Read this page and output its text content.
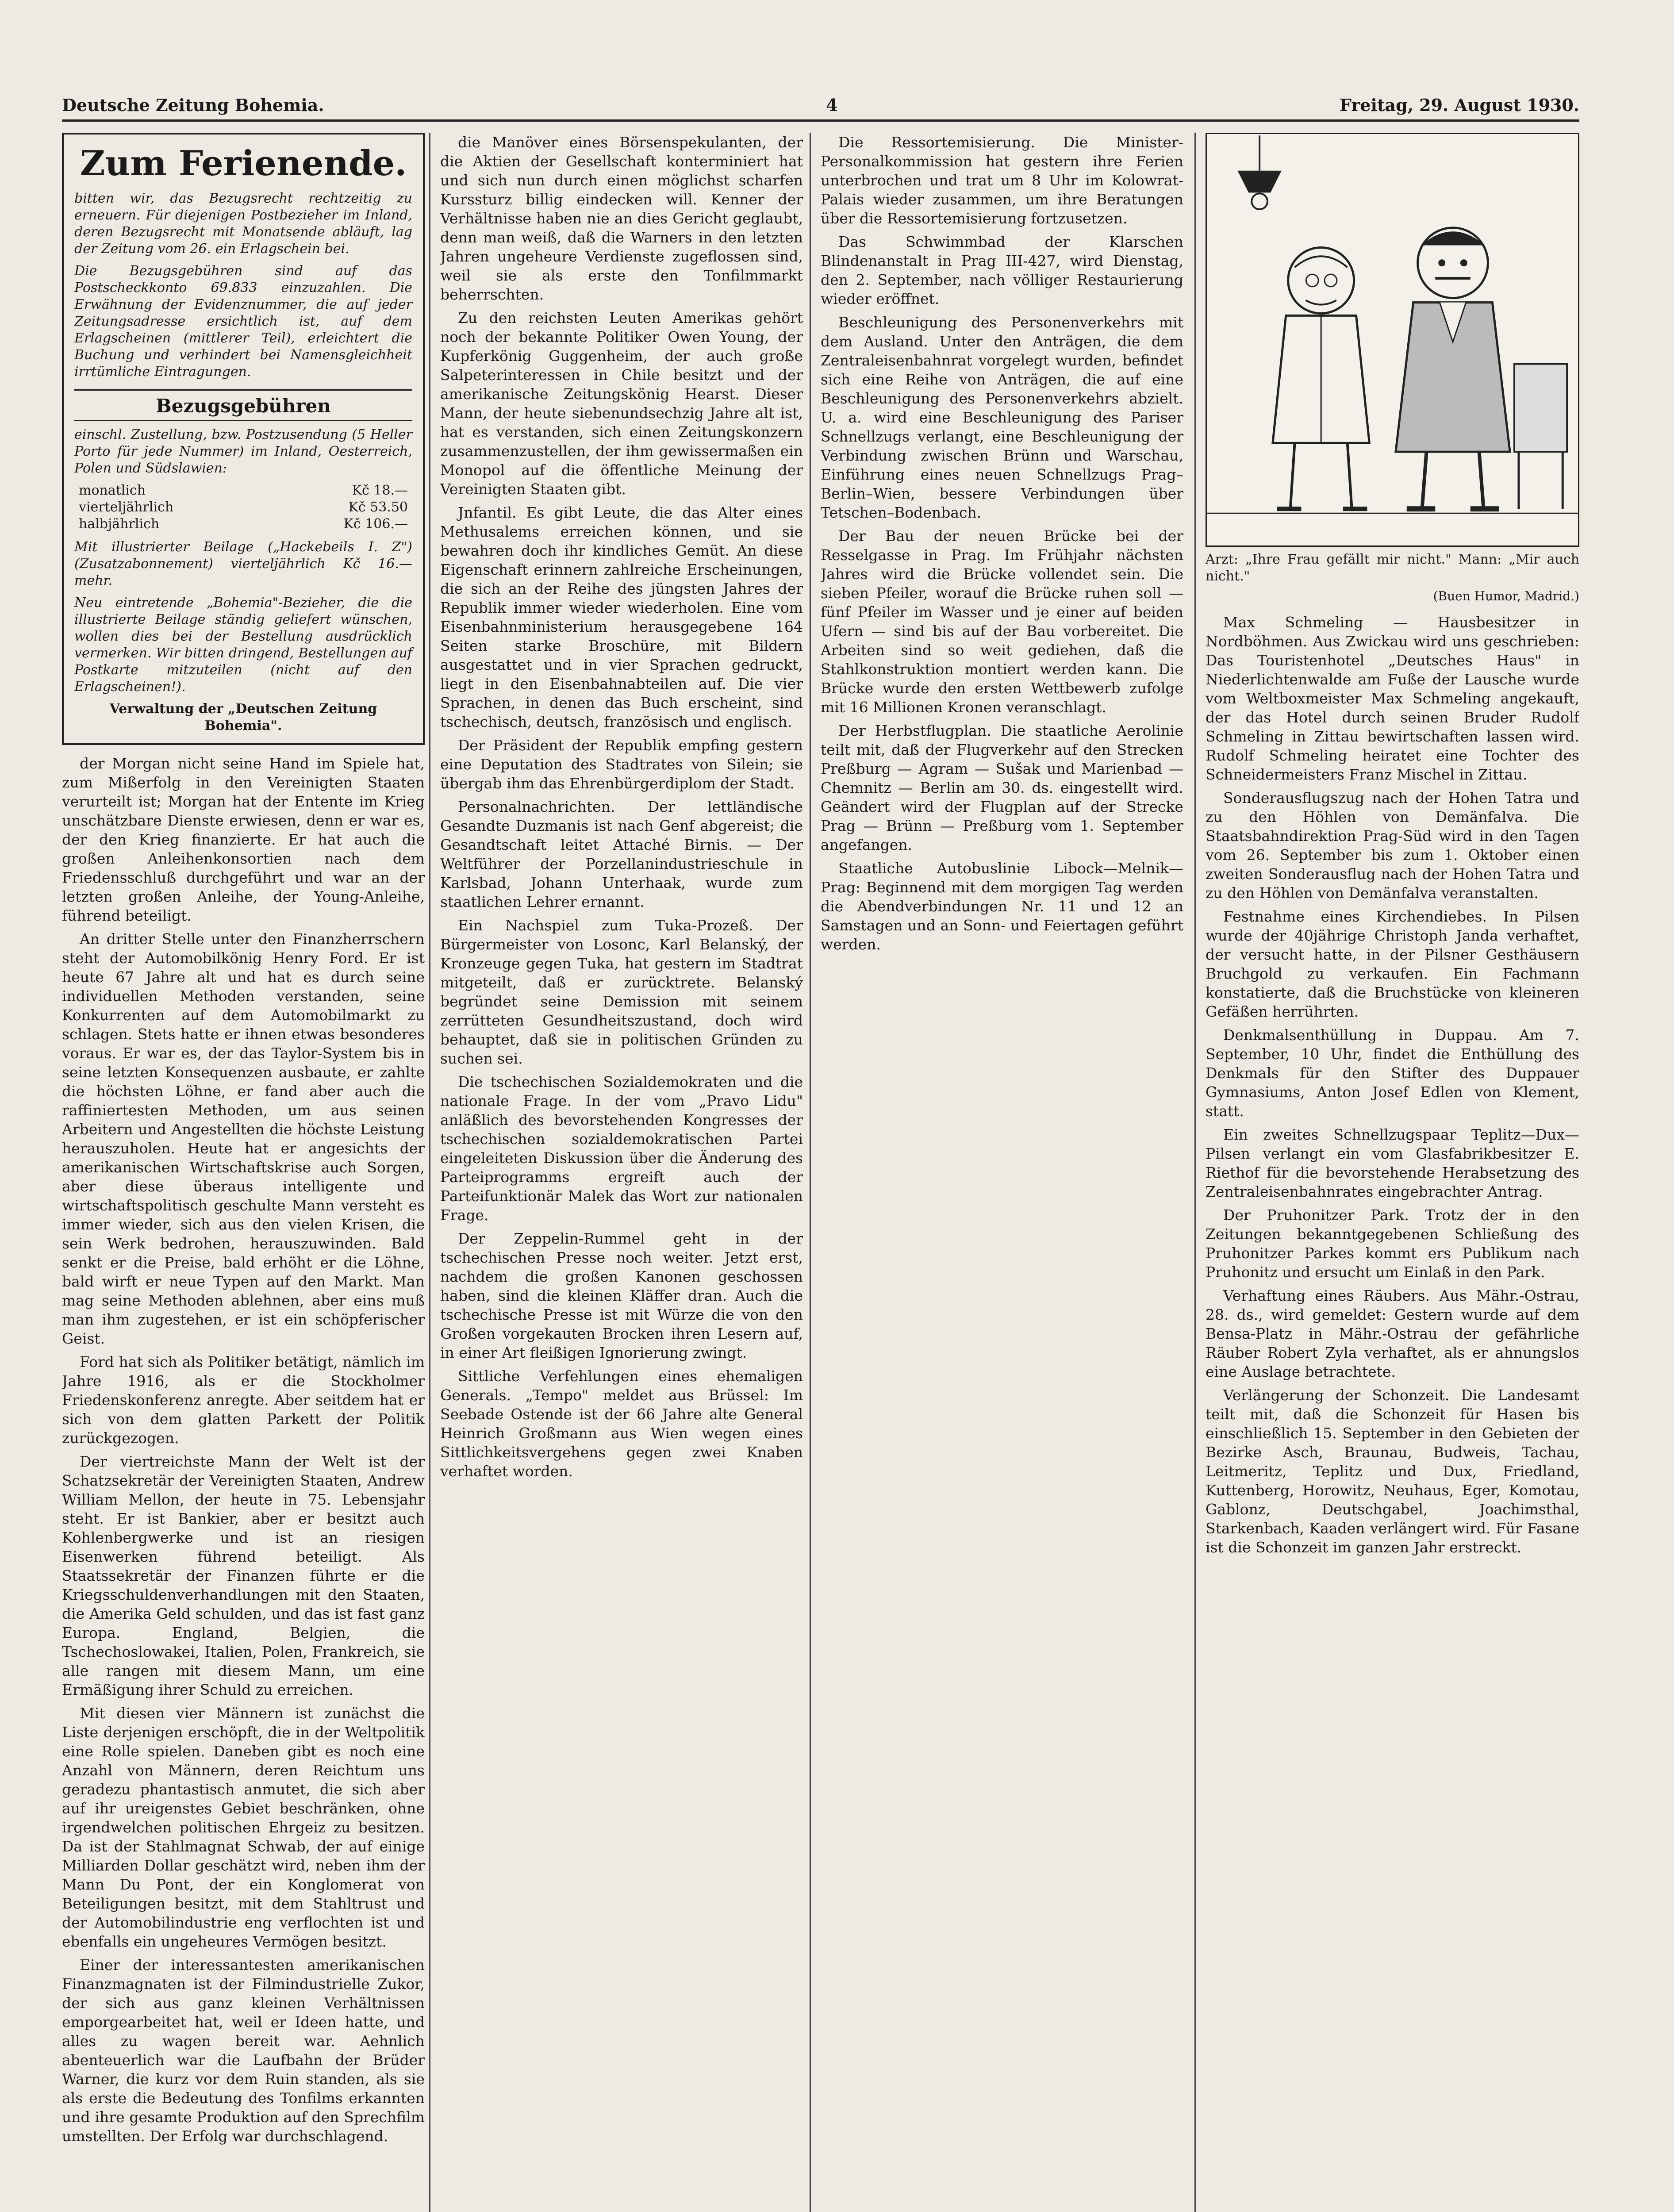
Deutsche Zeitung Bohemia.	4	Freitag, 29. August 1930.
Zum Ferienende.

bitten wir, das Bezugsrecht rechtzeitig zu erneuern. Für diejenigen Postbezieher im Inland, deren Bezugsrecht mit Monatsende abläuft, lag der Zeitung vom 26. ein Erlagschein bei.

Die Bezugsgebühren sind auf das Postscheckkonto 69.833 einzuzahlen. Die Erwähnung der Evidenznummer, die auf jeder Zeitungsadresse ersichtlich ist, auf dem Erlagscheinen (mittlerer Teil), erleichtert die Buchung und verhindert bei Namensgleichheit irrtümliche Eintragungen.

Bezugsgebühren

einschl. Zustellung, bzw. Postzusendung (5 Heller Porto für jede Nummer) im Inland, Oesterreich, Polen und Südslawien:

monatlich	Kč 18.—
vierteljährlich	Kč 53.50
halbjährlich	Kč 106.—

Mit illustrierter Beilage („Hackebeils I. Z") (Zusatzabonnement) vierteljährlich Kč 16.— mehr.

Neu eintretende „Bohemia"-Bezieher, die die illustrierte Beilage ständig geliefert wünschen, wollen dies bei der Bestellung ausdrücklich vermerken. Wir bitten dringend, Bestellungen auf Postkarte mitzuteilen (nicht auf den Erlagscheinen!).

Verwaltung der „Deutschen Zeitung Bohemia".

der Morgan nicht seine Hand im Spiele hat, zum Mißerfolg in den Vereinigten Staaten verurteilt ist; Morgan hat der Entente im Krieg unschätzbare Dienste erwiesen, denn er war es, der den Krieg finanzierte. Er hat auch die großen Anleihenkonsortien nach dem Friedensschluß durchgeführt und war an der letzten großen Anleihe, der Young-Anleihe, führend beteiligt.

An dritter Stelle unter den Finanzherrschern steht der Automobilkönig Henry Ford. Er ist heute 67 Jahre alt und hat es durch seine individuellen Methoden verstanden, seine Konkurrenten auf dem Automobilmarkt zu schlagen. Stets hatte er ihnen etwas besonderes voraus. Er war es, der das Taylor-System bis in seine letzten Konsequenzen ausbaute, er zahlte die höchsten Löhne, er fand aber auch die raffiniertesten Methoden, um aus seinen Arbeitern und Angestellten die höchste Leistung herauszuholen. Heute hat er angesichts der amerikanischen Wirtschaftskrise auch Sorgen, aber diese überaus intelligente und wirtschaftspolitisch geschulte Mann versteht es immer wieder, sich aus den vielen Krisen, die sein Werk bedrohen, herauszuwinden. Bald senkt er die Preise, bald erhöht er die Löhne, bald wirft er neue Typen auf den Markt. Man mag seine Methoden ablehnen, aber eins muß man ihm zugestehen, er ist ein schöpferischer Geist.

Ford hat sich als Politiker betätigt, nämlich im Jahre 1916, als er die Stockholmer Friedenskonferenz anregte. Aber seitdem hat er sich von dem glatten Parkett der Politik zurückgezogen.

Der viertreichste Mann der Welt ist der Schatzsekretär der Vereinigten Staaten, Andrew William Mellon, der heute in 75. Lebensjahr steht. Er ist Bankier, aber er besitzt auch Kohlenbergwerke und ist an riesigen Eisenwerken führend beteiligt. Als Staatssekretär der Finanzen führte er die Kriegsschuldenverhandlungen mit den Staaten, die Amerika Geld schulden, und das ist fast ganz Europa. England, Belgien, die Tschechoslowakei, Italien, Polen, Frankreich, sie alle rangen mit diesem Mann, um eine Ermäßigung ihrer Schuld zu erreichen.

Mit diesen vier Männern ist zunächst die Liste derjenigen erschöpft, die in der Weltpolitik eine Rolle spielen. Daneben gibt es noch eine Anzahl von Männern, deren Reichtum uns geradezu phantastisch anmutet, die sich aber auf ihr ureigenstes Gebiet beschränken, ohne irgendwelchen politischen Ehrgeiz zu besitzen. Da ist der Stahlmagnat Schwab, der auf einige Milliarden Dollar geschätzt wird, neben ihm der Mann Du Pont, der ein Konglomerat von Beteiligungen besitzt, mit dem Stahltrust und der Automobilindustrie eng verflochten ist und ebenfalls ein ungeheures Vermögen besitzt.

Einer der interessantesten amerikanischen Finanzmagnaten ist der Filmindustrielle Zukor, der sich aus ganz kleinen Verhältnissen emporgearbeitet hat, weil er Ideen hatte, und alles zu wagen bereit war. Aehnlich abenteuerlich war die Laufbahn der Brüder Warner, die kurz vor dem Ruin standen, als sie als erste die Bedeutung des Tonfilms erkannten und ihre gesamte Produktion auf den Sprechfilm umstellten. Der Erfolg war durchschlagend.

die Manöver eines Börsenspekulanten, der die Aktien der Gesellschaft konterminiert hat und sich nun durch einen möglichst scharfen Kurssturz billig eindecken will. Kenner der Verhältnisse haben nie an dies Gericht geglaubt, denn man weiß, daß die Warners in den letzten Jahren ungeheure Verdienste zugeflossen sind, weil sie als erste den Tonfilmmarkt beherrschten.

Zu den reichsten Leuten Amerikas gehört noch der bekannte Politiker Owen Young, der Kupferkönig Guggenheim, der auch große Salpeterinteressen in Chile besitzt und der amerikanische Zeitungskönig Hearst. Dieser Mann, der heute siebenundsechzig Jahre alt ist, hat es verstanden, sich einen Zeitungskonzern zusammenzustellen, der ihm gewissermaßen ein Monopol auf die öffentliche Meinung der Vereinigten Staaten gibt.

Jnfantil. Es gibt Leute, die das Alter eines Methusalems erreichen können, und sie bewahren doch ihr kindliches Gemüt. An diese Eigenschaft erinnern zahlreiche Erscheinungen, die sich an der Reihe des jüngsten Jahres der Republik immer wieder wiederholen. Eine vom Eisenbahnministerium herausgegebene 164 Seiten starke Broschüre, mit Bildern ausgestattet und in vier Sprachen gedruckt, liegt in den Eisenbahnabteilen auf. Die vier Sprachen, in denen das Buch erscheint, sind tschechisch, deutsch, französisch und englisch.

Der Präsident der Republik empfing gestern eine Deputation des Stadtrates von Silein; sie übergab ihm das Ehrenbürgerdiplom der Stadt.

Personalnachrichten. Der lettländische Gesandte Duzmanis ist nach Genf abgereist; die Gesandtschaft leitet Attaché Birnis. — Der Weltführer der Porzellanindustrieschule in Karlsbad, Johann Unterhaak, wurde zum staatlichen Lehrer ernannt.

Ein Nachspiel zum Tuka-Prozeß. Der Bürgermeister von Losonc, Karl Belanský, der Kronzeuge gegen Tuka, hat gestern im Stadtrat mitgeteilt, daß er zurücktrete. Belanský begründet seine Demission mit seinem zerrütteten Gesundheitszustand, doch wird behauptet, daß sie in politischen Gründen zu suchen sei.

Die tschechischen Sozialdemokraten und die nationale Frage. In der vom „Pravo Lidu" anläßlich des bevorstehenden Kongresses der tschechischen sozialdemokratischen Partei eingeleiteten Diskussion über die Änderung des Parteiprogramms ergreift auch der Parteifunktionär Malek das Wort zur nationalen Frage.

Der Zeppelin-Rummel geht in der tschechischen Presse noch weiter. Jetzt erst, nachdem die großen Kanonen geschossen haben, sind die kleinen Kläffer dran. Auch die tschechische Presse ist mit Würze die von den Großen vorgekauten Brocken ihren Lesern auf, in einer Art fleißigen Ignorierung zwingt.

Sittliche Verfehlungen eines ehemaligen Generals. „Tempo" meldet aus Brüssel: Im Seebade Ostende ist der 66 Jahre alte General Heinrich Großmann aus Wien wegen eines Sittlichkeitsvergehens gegen zwei Knaben verhaftet worden.

Die Ressortemisierung. Die Minister-Personalkommission hat gestern ihre Ferien unterbrochen und trat um 8 Uhr im Kolowrat-Palais wieder zusammen, um ihre Beratungen über die Ressortemisierung fortzusetzen.

Das Schwimmbad der Klarschen Blindenanstalt in Prag III-427, wird Dienstag, den 2. September, nach völliger Restaurierung wieder eröffnet.

Beschleunigung des Personenverkehrs mit dem Ausland. Unter den Anträgen, die dem Zentraleisenbahnrat vorgelegt wurden, befindet sich eine Reihe von Anträgen, die auf eine Beschleunigung des Personenverkehrs abzielt. U. a. wird eine Beschleunigung des Pariser Schnellzugs verlangt, eine Beschleunigung der Verbindung zwischen Brünn und Warschau, Einführung eines neuen Schnellzugs Prag–Berlin–Wien, bessere Verbindungen über Tetschen–Bodenbach.

Der Bau der neuen Brücke bei der Resselgasse in Prag. Im Frühjahr nächsten Jahres wird die Brücke vollendet sein. Die sieben Pfeiler, worauf die Brücke ruhen soll — fünf Pfeiler im Wasser und je einer auf beiden Ufern — sind bis auf der Bau vorbereitet. Die Arbeiten sind so weit gediehen, daß die Stahlkonstruktion montiert werden kann. Die Brücke wurde den ersten Wettbewerb zufolge mit 16 Millionen Kronen veranschlagt.

Der Herbstflugplan. Die staatliche Aerolinie teilt mit, daß der Flugverkehr auf den Strecken Preßburg — Agram — Sušak und Marienbad — Chemnitz — Berlin am 30. ds. eingestellt wird. Geändert wird der Flugplan auf der Strecke Prag — Brünn — Preßburg vom 1. September angefangen.

Staatliche Autobuslinie Libock—Melnik—Prag: Beginnend mit dem morgigen Tag werden die Abendverbindungen Nr. 11 und 12 an Samstagen und an Sonn- und Feiertagen geführt werden.

Arzt: „Ihre Frau gefällt mir nicht." Mann: „Mir auch nicht."

(Buen Humor, Madrid.)

Max Schmeling — Hausbesitzer in Nordböhmen. Aus Zwickau wird uns geschrieben: Das Touristenhotel „Deutsches Haus" in Niederlichtenwalde am Fuße der Lausche wurde vom Weltboxmeister Max Schmeling angekauft, der das Hotel durch seinen Bruder Rudolf Schmeling in Zittau bewirtschaften lassen wird. Rudolf Schmeling heiratet eine Tochter des Schneidermeisters Franz Mischel in Zittau.

Sonderausflugszug nach der Hohen Tatra und zu den Höhlen von Demänfalva. Die Staatsbahndirektion Prag-Süd wird in den Tagen vom 26. September bis zum 1. Oktober einen zweiten Sonderausflug nach der Hohen Tatra und zu den Höhlen von Demänfalva veranstalten.

Festnahme eines Kirchendiebes. In Pilsen wurde der 40jährige Christoph Janda verhaftet, der versucht hatte, in der Pilsner Gesthäusern Bruchgold zu verkaufen. Ein Fachmann konstatierte, daß die Bruchstücke von kleineren Gefäßen herrührten.

Denkmalsenthüllung in Duppau. Am 7. September, 10 Uhr, findet die Enthüllung des Denkmals für den Stifter des Duppauer Gymnasiums, Anton Josef Edlen von Klement, statt.

Ein zweites Schnellzugspaar Teplitz—Dux—Pilsen verlangt ein vom Glasfabrikbesitzer E. Riethof für die bevorstehende Herabsetzung des Zentraleisenbahnrates eingebrachter Antrag.

Der Pruhonitzer Park. Trotz der in den Zeitungen bekanntgegebenen Schließung des Pruhonitzer Parkes kommt ers Publikum nach Pruhonitz und ersucht um Einlaß in den Park.

Verhaftung eines Räubers. Aus Mähr.-Ostrau, 28. ds., wird gemeldet: Gestern wurde auf dem Bensa-Platz in Mähr.-Ostrau der gefährliche Räuber Robert Zyla verhaftet, als er ahnungslos eine Auslage betrachtete.

Verlängerung der Schonzeit. Die Landesamt teilt mit, daß die Schonzeit für Hasen bis einschließlich 15. September in den Gebieten der Bezirke Asch, Braunau, Budweis, Tachau, Leitmeritz, Teplitz und Dux, Friedland, Kuttenberg, Horowitz, Neuhaus, Eger, Komotau, Gablonz, Deutschgabel, Joachimsthal, Starkenbach, Kaaden verlängert wird. Für Fasane ist die Schonzeit im ganzen Jahr erstreckt.
